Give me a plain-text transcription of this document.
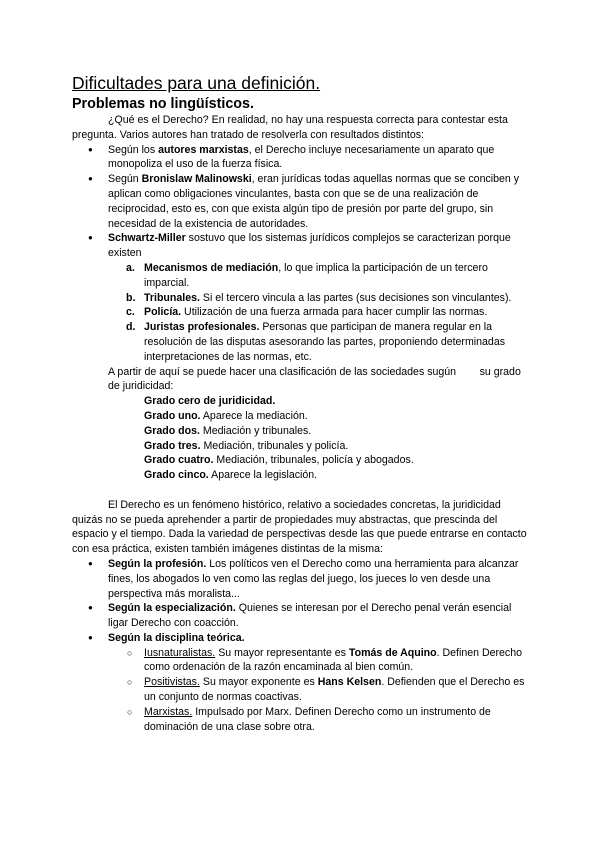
Dificultades para una definición.
Problemas no lingüísticos.

¿Qué es el Derecho? En realidad, no hay una respuesta correcta para contestar esta pregunta. Varios autores han tratado de resolverla con resultados distintos:

● Según los autores marxistas, el Derecho incluye necesariamente un aparato que monopoliza el uso de la fuerza física.
● Según Bronislaw Malinowski, eran jurídicas todas aquellas normas que se conciben y aplican como obligaciones vinculantes, basta con que se de una realización de reciprocidad, esto es, con que exista algún tipo de presión por parte del grupo, sin necesidad de la existencia de autoridades.
● Schwartz-Miller sostuvo que los sistemas jurídicos complejos se caracterizan porque existen
a. Mecanismos de mediación, lo que implica la participación de un tercero imparcial.
b. Tribunales. Si el tercero vincula a las partes (sus decisiones son vinculantes).
c. Policía. Utilización de una fuerza armada para hacer cumplir las normas.
d. Juristas profesionales. Personas que participan de manera regular en la resolución de las disputas asesorando las partes, proponiendo determinadas interpretaciones de las normas, etc.

A partir de aquí se puede hacer una clasificación de las sociedades sugún        su grado de juridicidad:

Grado cero de juridicidad.
Grado uno. Aparece la mediación.
Grado dos. Mediación y tribunales.
Grado tres. Mediación, tribunales y policía.
Grado cuatro. Mediación, tribunales, policía y abogados.
Grado cinco. Aparece la legislación.

El Derecho es un fenómeno histórico, relativo a sociedades concretas, la juridicidad quizás no se pueda aprehender a partir de propiedades muy abstractas, que prescinda del espacio y el tiempo. Dada la variedad de perspectivas desde las que puede entrarse en contacto con esa práctica, existen también imágenes distintas de la misma:

● Según la profesión. Los políticos ven el Derecho como una herramienta para alcanzar fines, los abogados lo ven como las reglas del juego, los jueces lo ven desde una perspectiva más moralista...
● Según la especialización. Quienes se interesan por el Derecho penal verán esencial ligar Derecho con coacción.
● Según la disciplina teórica.
○ Iusnaturalistas. Su mayor representante es Tomás de Aquino. Definen Derecho como ordenación de la razón encaminada al bien común.
○ Positivistas. Su mayor exponente es Hans Kelsen. Defienden que el Derecho es un conjunto de normas coactivas.
○ Marxistas. Impulsado por Marx. Definen Derecho como un instrumento de dominación de una clase sobre otra.
